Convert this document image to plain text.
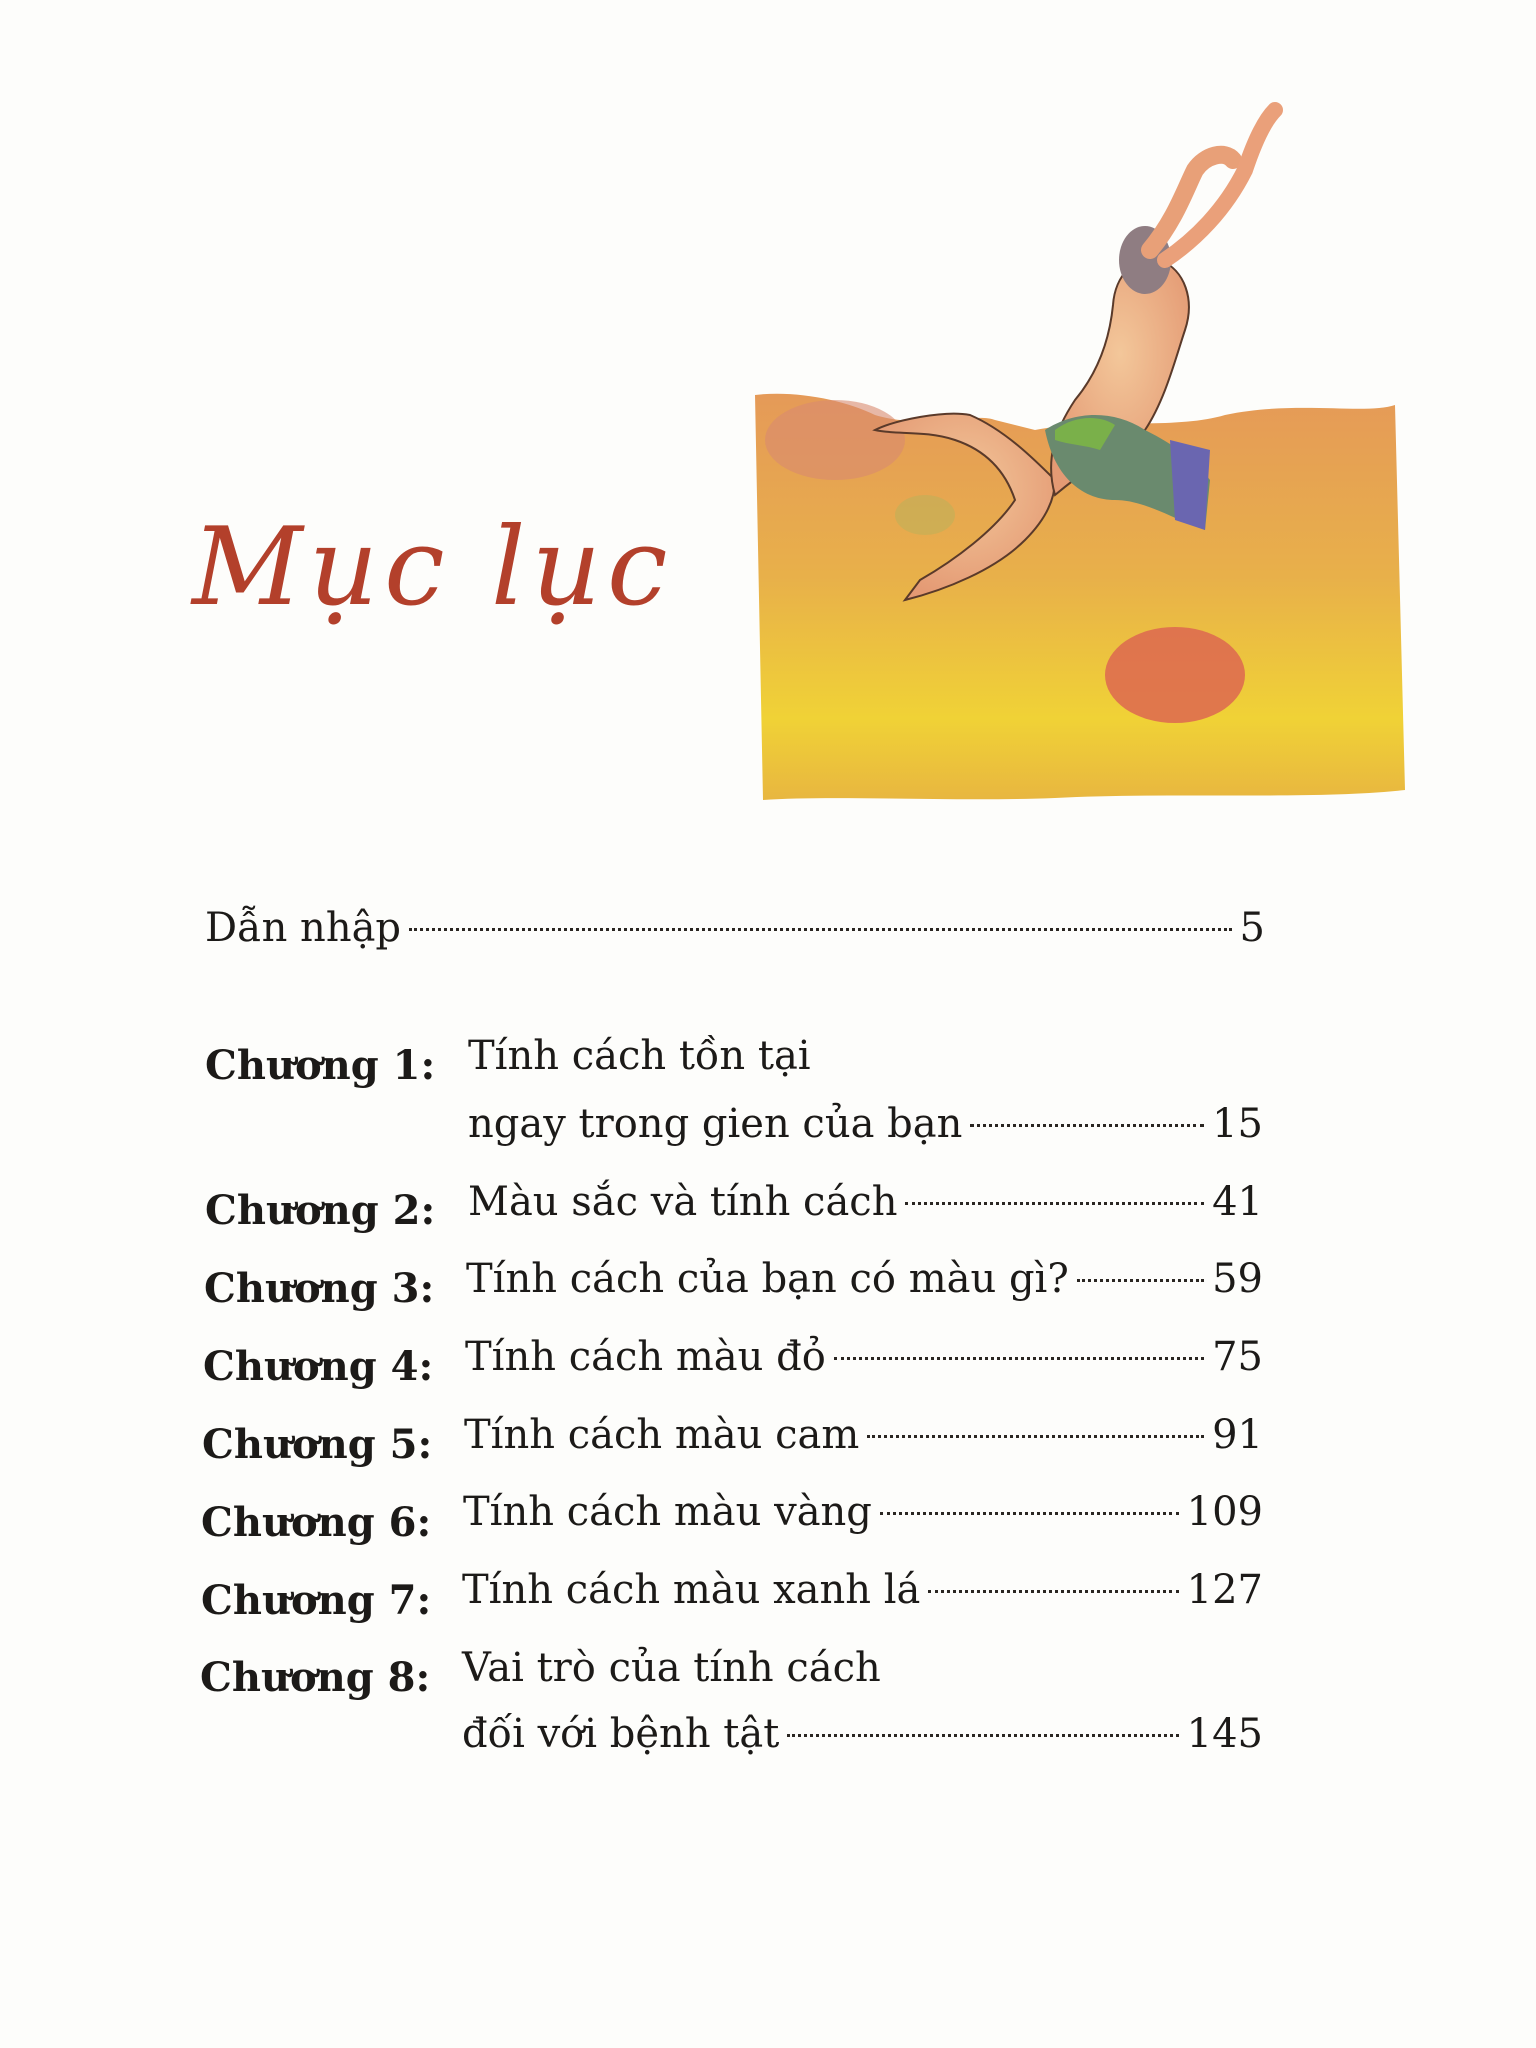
Mục lục
Dẫn nhập	5
Chương 1: Tính cách tồn tại
ngay trong gien của bạn	15
Chương 2: Màu sắc và tính cách	41
Chương 3: Tính cách của bạn có màu gì?	59
Chương 4: Tính cách màu đỏ	75
Chương 5: Tính cách màu cam	91
Chương 6: Tính cách màu vàng	109
Chương 7: Tính cách màu xanh lá	127
Chương 8: Vai trò của tính cách
đối với bệnh tật	145
